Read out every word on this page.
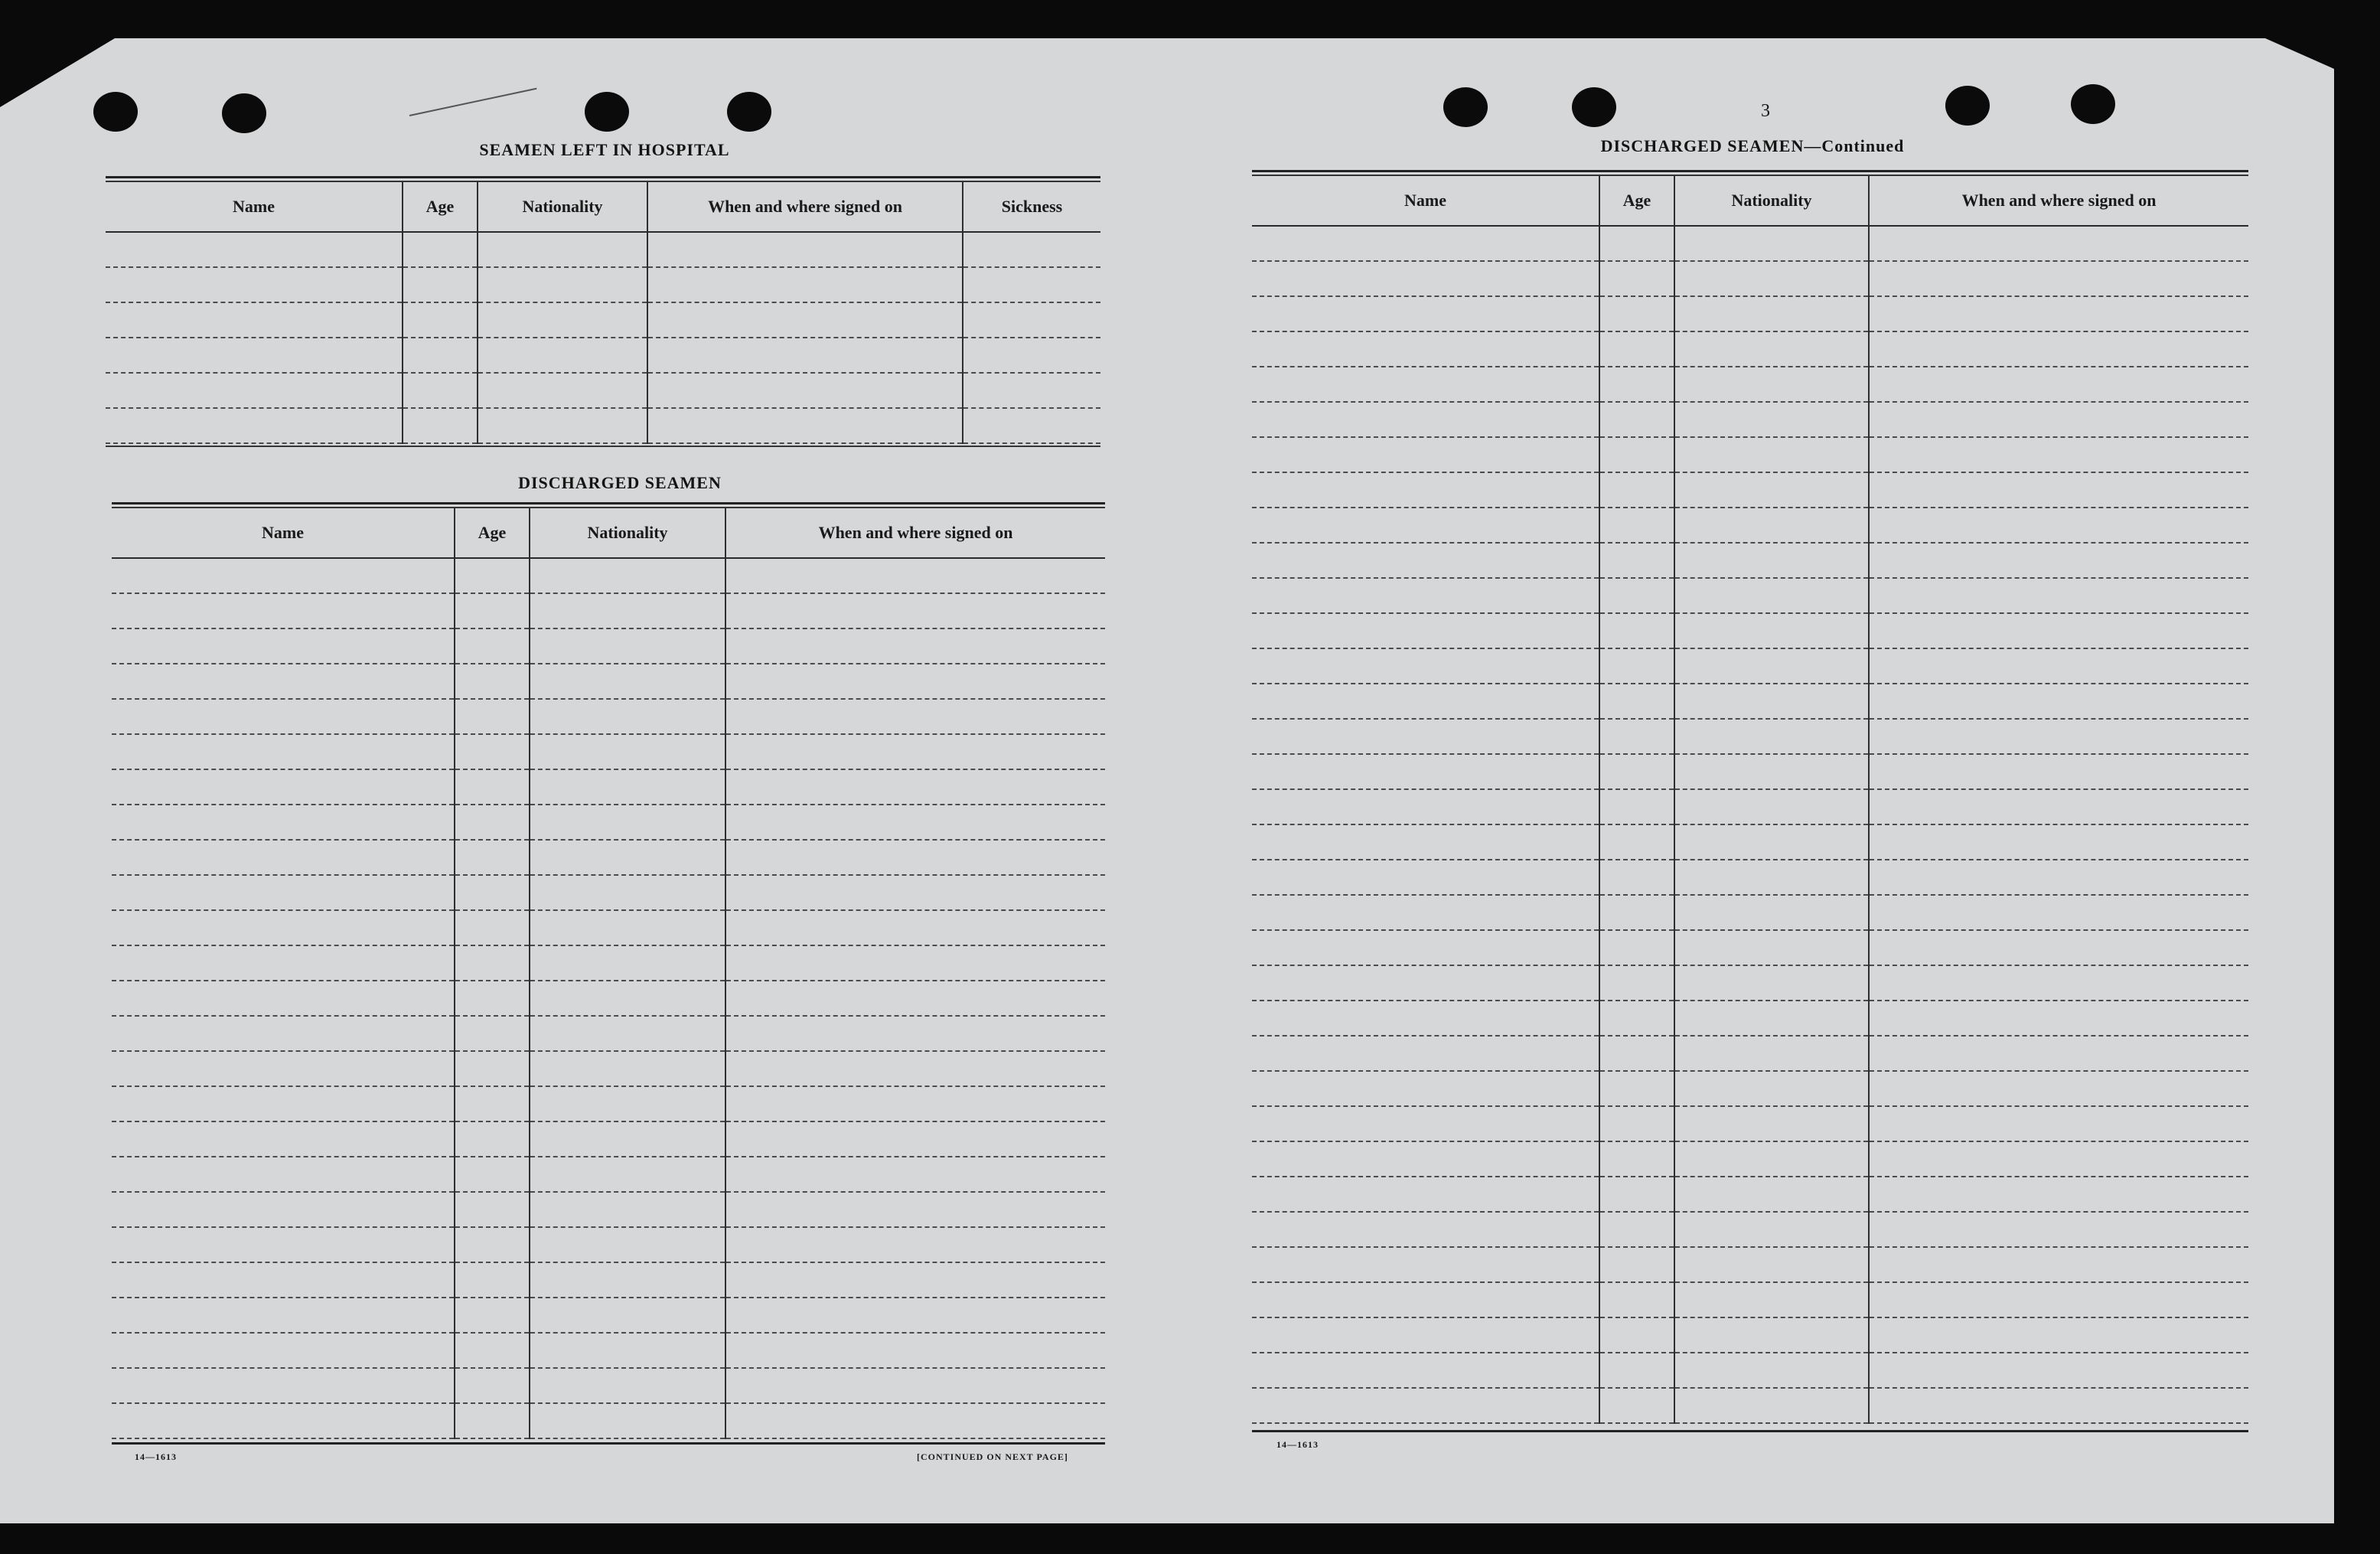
SEAMEN LEFT IN HOSPITAL
Name	Age	Nationality	When and where signed on	Sickness

DISCHARGED SEAMEN
Name	Age	Nationality	When and where signed on

14—1613	[CONTINUED ON NEXT PAGE]
3
DISCHARGED SEAMEN—Continued
Name	Age	Nationality	When and where signed on

14—1613
